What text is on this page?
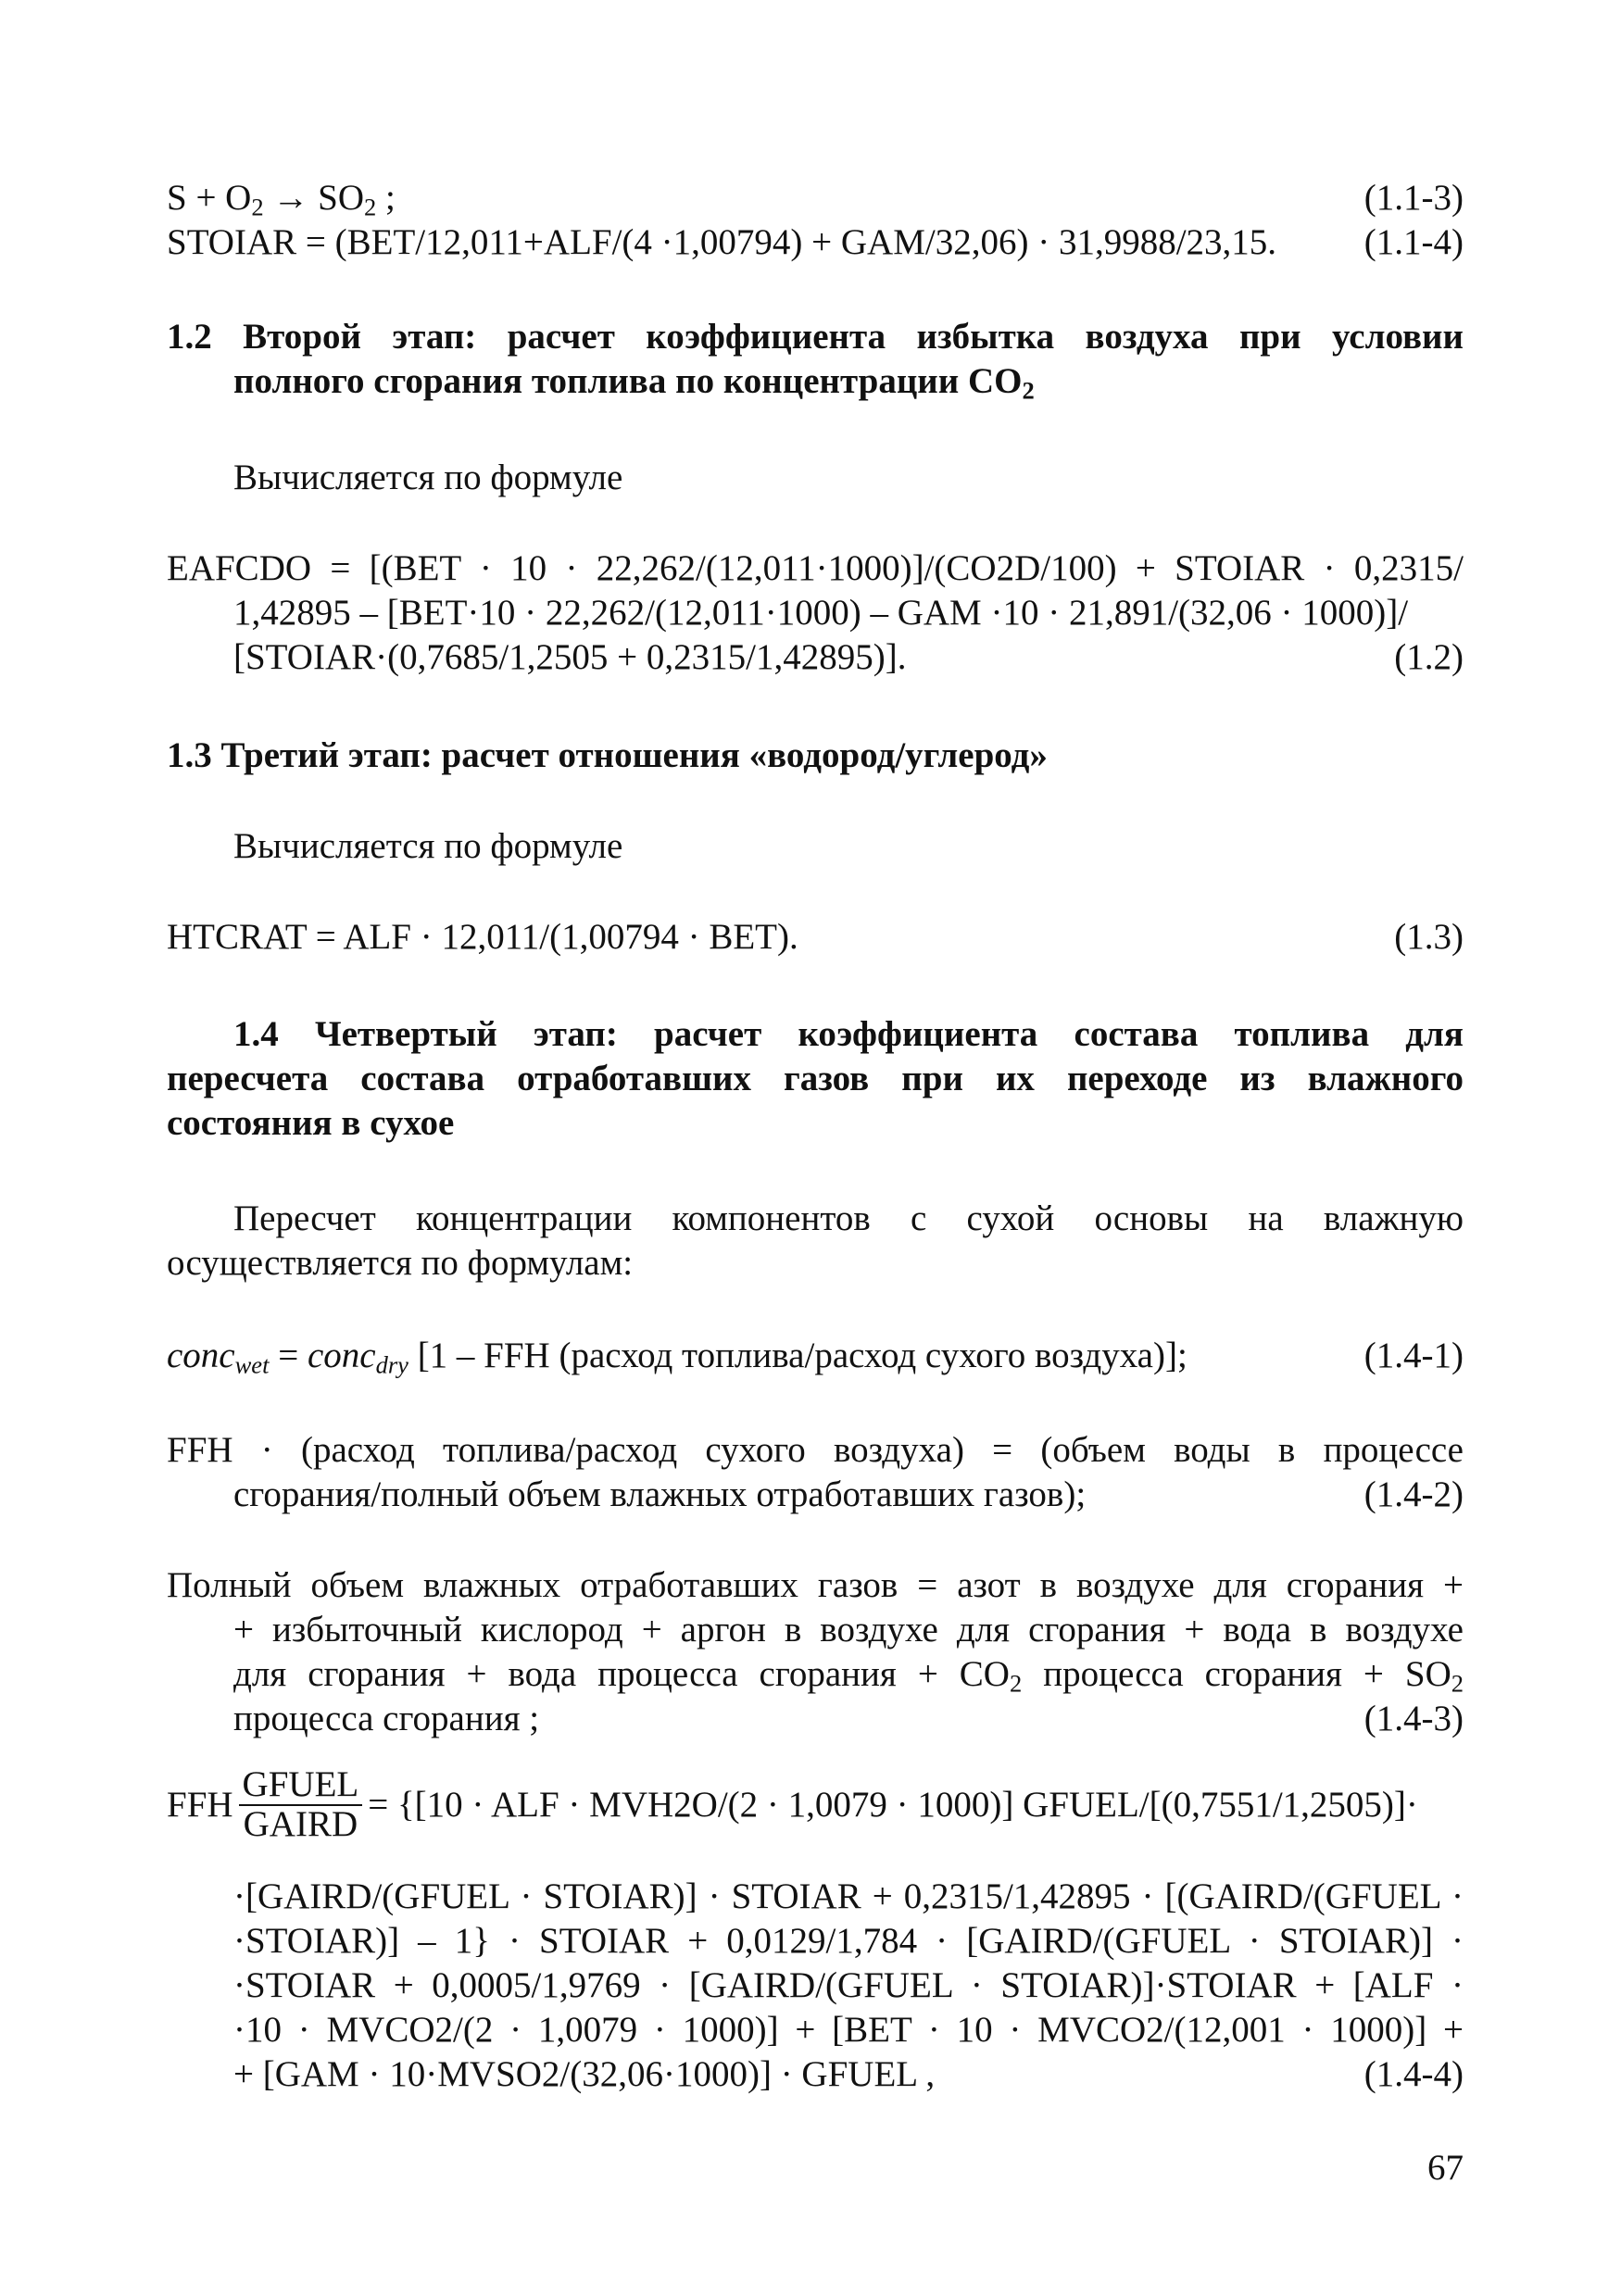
$S + O_2 \to SO_2$ ;	(1.1-3)
STOIAR = (BET/12,011+ALF/(4 ·1,00794) + GAM/32,06) · 31,9988/23,15. (1.1-4)
1.2 Второй этап: расчет коэффициента избытка воздуха при условии
полного сгорания топлива по концентрации $CO_2$
Вычисляется по формуле
EAFCDO = [(BET · 10 · 22,262/(12,011·1000)]/(CO2D/100) + STOIAR · 0,2315/
1,42895 – [BET·10 · 22,262/(12,011·1000) – GAM ·10 · 21,891/(32,06 · 1000)]/
[STOIAR·(0,7685/1,2505 + 0,2315/1,42895)].	(1.2)
1.3 Третий этап: расчет отношения «водород/углерод»
Вычисляется по формуле
HTCRAT = ALF · 12,011/(1,00794 · BET).	(1.3)
1.4 Четвертый этап: расчет коэффициента состава топлива для
пересчета состава отработавших газов при их переходе из влажного
состояния в сухое
Пересчет концентрации компонентов с сухой основы на влажную
осуществляется по формулам:
conc$_{wet}$ = conc$_{dry}$ [1 – FFH (расход топлива/расход сухого воздуха)];	(1.4-1)
FFH · (расход топлива/расход сухого воздуха) = (объем воды в процессе
сгорания/полный объем влажных отработавших газов);	(1.4-2)
Полный объем влажных отработавших газов = азот в воздухе для сгорания +
+ избыточный кислород + аргон в воздухе для сгорания + вода в воздухе
для сгорания + вода процесса сгорания + $CO_2$ процесса сгорания + $SO_2$
процесса сгорания ;	(1.4-3)
FFH $\frac{\text{GFUEL}}{\text{GAIRD}} = \{[10$ · ALF · MVH2O/(2 · 1,0079 · 1000)] GFUEL/[(0,7551/1,2505)]·
·[GAIRD/(GFUEL · STOIAR)] · STOIAR + 0,2315/1,42895 · [(GAIRD/(GFUEL ·
·STOIAR)] – 1} · STOIAR + 0,0129/1,784 · [GAIRD/(GFUEL · STOIAR)] ·
·STOIAR + 0,0005/1,9769 · [GAIRD/(GFUEL · STOIAR)]·STOIAR + [ALF ·
·10 · MVCO2/(2 · 1,0079 · 1000)] + [BET · 10 · MVCO2/(12,001 · 1000)] +
+ [GAM · 10·MVSO2/(32,06·1000)] · GFUEL ,	(1.4-4)
67
